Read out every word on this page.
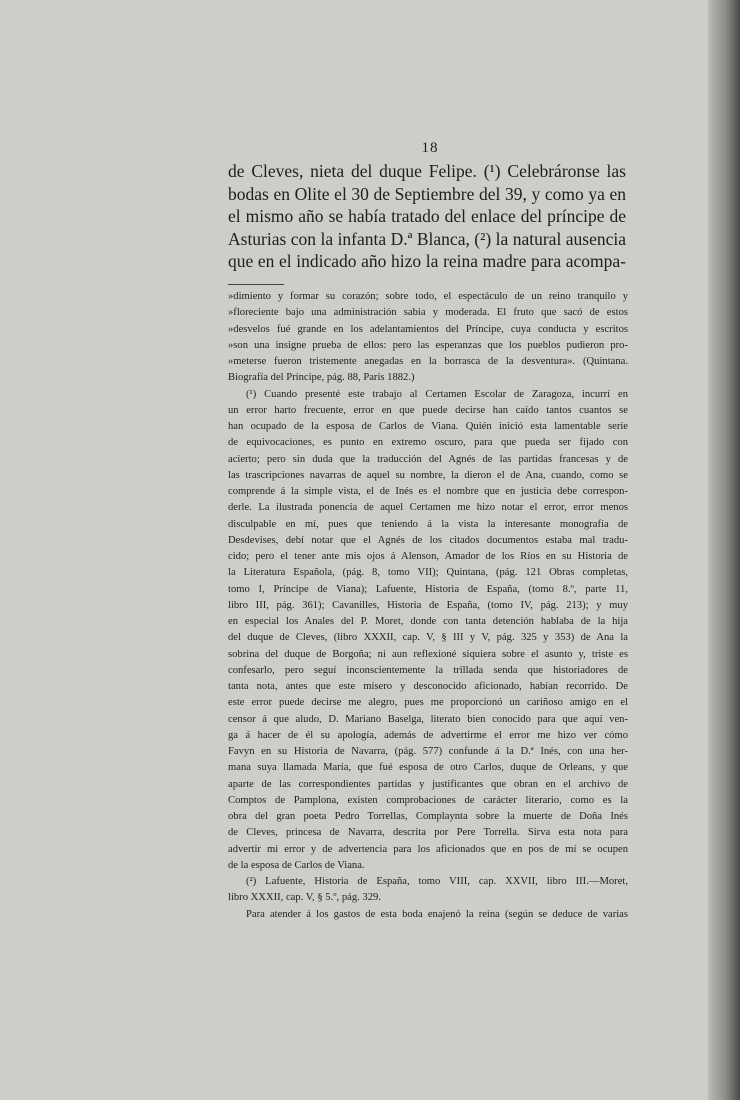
18
de Cleves, nieta del duque Felipe. (¹) Celebráronse las
bodas en Olite el 30 de Septiembre del 39, y como ya en
el mismo año se había tratado del enlace del príncipe de
Asturias con la infanta D.ª Blanca, (²) la natural ausencia
que en el indicado año hizo la reina madre para acompa-
»dimiento y formar su corazón; sobre todo, el espectáculo de un reino tranquilo y
»floreciente bajo una administración sabia y moderada. El fruto que sacó de estos
»desvelos fué grande en los adelantamientos del Príncipe, cuya conducta y escritos
»son una insigne prueba de ellos: pero las esperanzas que los pueblos pudieron pro-
»meterse fueron tristemente anegadas en la borrasca de la desventura». (Quintana.
Biografía del Príncipe, pág. 88, París 1882.)
(¹) Cuando presenté este trabajo al Certamen Escolar de Zaragoza, incurrí en
un error harto frecuente, error en que puede decirse han caído tantos cuantos se
han ocupado de la esposa de Carlos de Viana. Quién inició esta lamentable serie
de equivocaciones, es punto en extremo oscuro, para que pueda ser fijado con
acierto; pero sin duda que la traducción del Agnés de las partidas francesas y de
las trascripciones navarras de aquel su nombre, la dieron el de Ana, cuando, como se
comprende á la simple vista, el de Inés es el nombre que en justicia debe correspon-
derle. La ilustrada ponencia de aquel Certamen me hizo notar el error, error menos
disculpable en mí, pues que teniendo á la vista la interesante monografía de
Desdevises, debí notar que el Agnés de los citados documentos estaba mal tradu-
cido; pero el tener ante mis ojos á Alenson, Amador de los Ríos en su Historia de
la Literatura Española, (pág. 8, tomo VII); Quintana, (pág. 121 Obras completas,
tomo I, Príncipe de Viana); Lafuente, Historia de España, (tomo 8.º, parte 11,
libro III, pág. 361); Cavanilles, Historia de España, (tomo IV, pág. 213); y muy
en especial los Anales del P. Moret, donde con tanta detención hablaba de la hija
del duque de Cleves, (libro XXXII, cap. V, § III y V, pág. 325 y 353) de Ana la
sobrina del duque de Borgoña; ni aun reflexioné siquiera sobre el asunto y, triste es
confesarlo, pero seguí inconscientemente la trillada senda que historiadores de
tanta nota, antes que este mísero y desconocido aficionado, habían recorrido. De
este error puede decirse me alegro, pues me proporcionó un cariñoso amigo en el
censor á que aludo, D. Mariano Baselga, literato bien conocido para que aquí ven-
ga á hacer de él su apología, además de advertirme el error me hizo ver cómo
Favyn en su Historia de Navarra, (pág. 577) confunde á la D.ª Inés, con una her-
mana suya llamada María, que fué esposa de otro Carlos, duque de Orleans, y que
aparte de las correspondientes partidas y justificantes que obran en el archivo de
Comptos de Pamplona, existen comprobaciones de carácter literario, como es la
obra del gran poeta Pedro Torrellas, Complaynta sobre la muerte de Doña Inés
de Cleves, princesa de Navarra, descrita por Pere Torrella. Sirva esta nota para
advertir mi error y de advertencia para los aficionados que en pos de mí se ocupen
de la esposa de Carlos de Viana.
(²) Lafuente, Historia de España, tomo VIII, cap. XXVII, libro III.—Moret,
libro XXXII, cap. V, § 5.º, pág. 329.
Para atender á los gastos de esta boda enajenó la reina (según se deduce de varias
